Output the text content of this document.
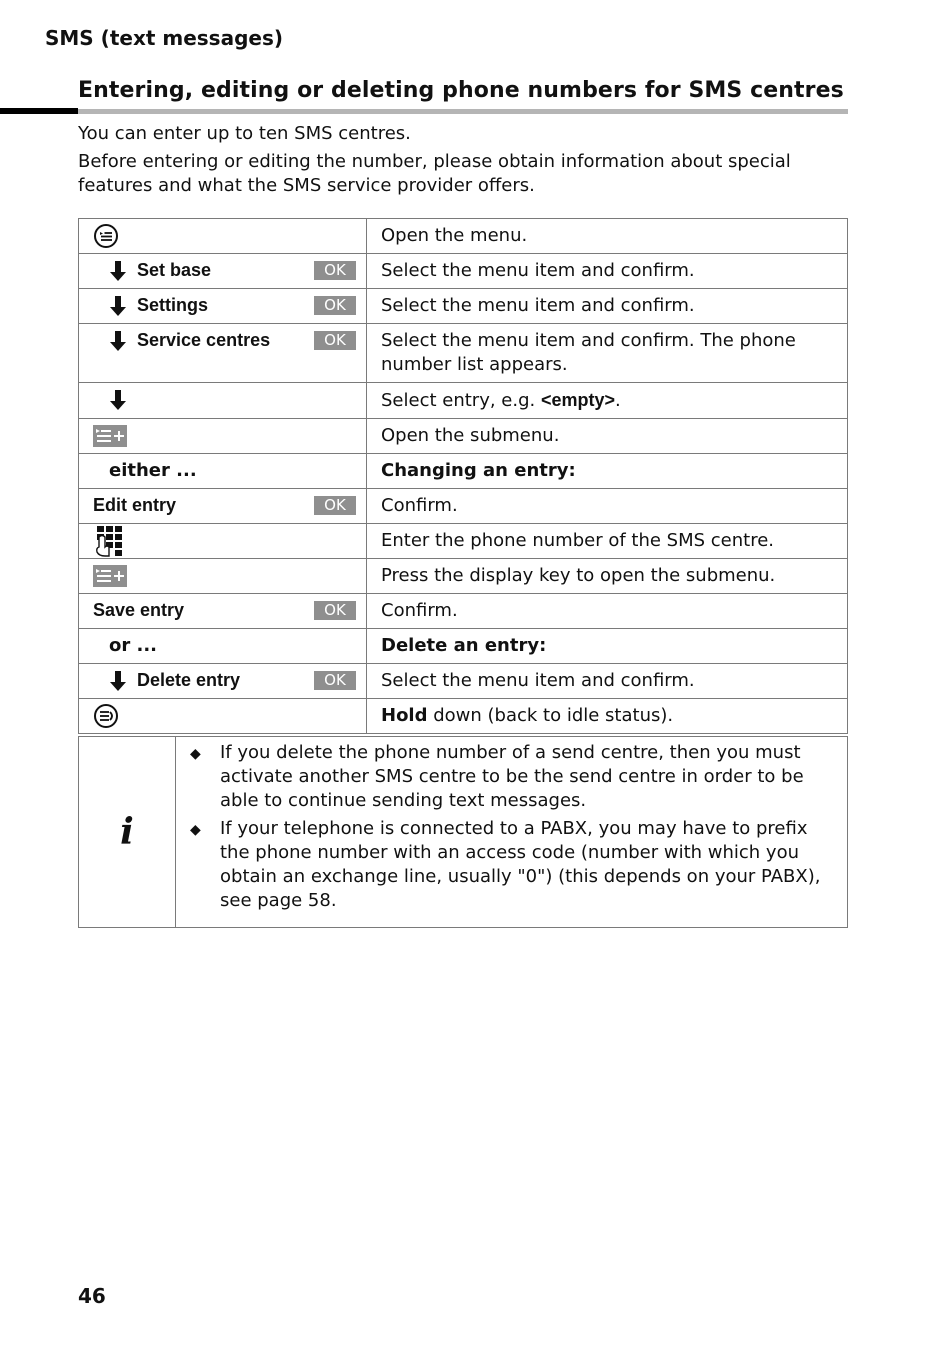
SMS (text messages)
Entering, editing or deleting phone numbers for SMS centres

You can enter up to ten SMS centres.

Before entering or editing the number, please obtain information about special features and what the SMS service provider offers.

	Open the menu.

Set base OK	Select the menu item and confirm.

Settings OK	Select the menu item and confirm.

Service centres OK	Select the menu item and confirm. The phone number list appears.

	Select entry, e.g. <empty>.

	Open the submenu.

either ...	Changing an entry:

Edit entry OK	Confirm.

	Enter the phone number of the SMS centre.

	Press the display key to open the submenu.

Save entry OK	Confirm.

or ...	Delete an entry:

Delete entry OK	Select the menu item and confirm.

	Hold down (back to idle status).
i	
◆	If you delete the phone number of a send centre, then you must activate another SMS centre to be the send centre in order to be able to continue sending text messages.
◆	If your telephone is connected to a PABX, you may have to prefix the phone number with an access code (number with which you obtain an exchange line, usually "0") (this depends on your PABX), see page 58.
46
